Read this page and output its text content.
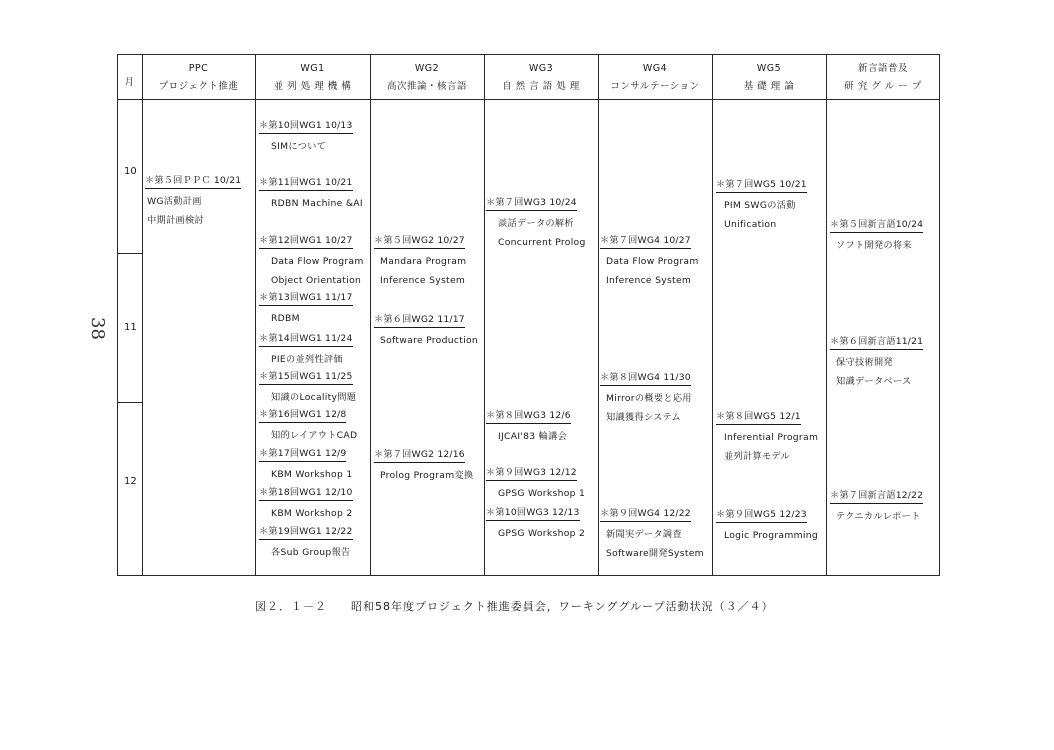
月
PPC
プロジェクト推進
WG1
並 列 処 理 機 構
WG2
高次推論・核言語
WG3
自 然 言 語 処 理
WG4
コンサルテーション
WG5
基 礎 理 論
新言語普及
研 究 グ ル ー プ
10
11
12
＊第５回ＰＰＣ 10/21
WG活動計画
中期計画検討
＊第10回WG1 10/13
SIMについて
＊第11回WG1 10/21
RDBN Machine &AI
＊第12回WG1 10/27
Data Flow Program
Object Orientation
＊第13回WG1 11/17
RDBM
＊第14回WG1 11/24
PIEの並列性評価
＊第15回WG1 11/25
知識のLocality問題
＊第16回WG1 12/8
知的レイアウトCAD
＊第17回WG1 12/9
KBM Workshop 1
＊第18回WG1 12/10
KBM Workshop 2
＊第19回WG1 12/22
各Sub Group報告
＊第５回WG2 10/27
Mandara Program
Inference System
＊第６回WG2 11/17
Software Production
＊第７回WG2 12/16
Prolog Program変換
＊第７回WG3 10/24
談話データの解析
Concurrent Prolog
＊第８回WG3 12/6
IJCAI'83 輪講会
＊第９回WG3 12/12
GPSG Workshop 1
＊第10回WG3 12/13
GPSG Workshop 2
＊第７回WG4 10/27
Data Flow Program
Inference System
＊第８回WG4 11/30
Mirrorの概要と応用
知識獲得システム
＊第９回WG4 12/22
新聞実データ調査
Software開発System
＊第７回WG5 10/21
PIM SWGの活動
Unification
＊第８回WG5 12/1
Inferential Program
並列計算モデル
＊第９回WG5 12/23
Logic Programming
＊第５回新言語10/24
ソフト開発の将来
＊第６回新言語11/21
保守技術開発
知識データベース
＊第７回新言語12/22
テクニカルレポート
38
図２．１－２　　昭和58年度プロジェクト推進委員会，ワーキンググループ活動状況（３／４）
